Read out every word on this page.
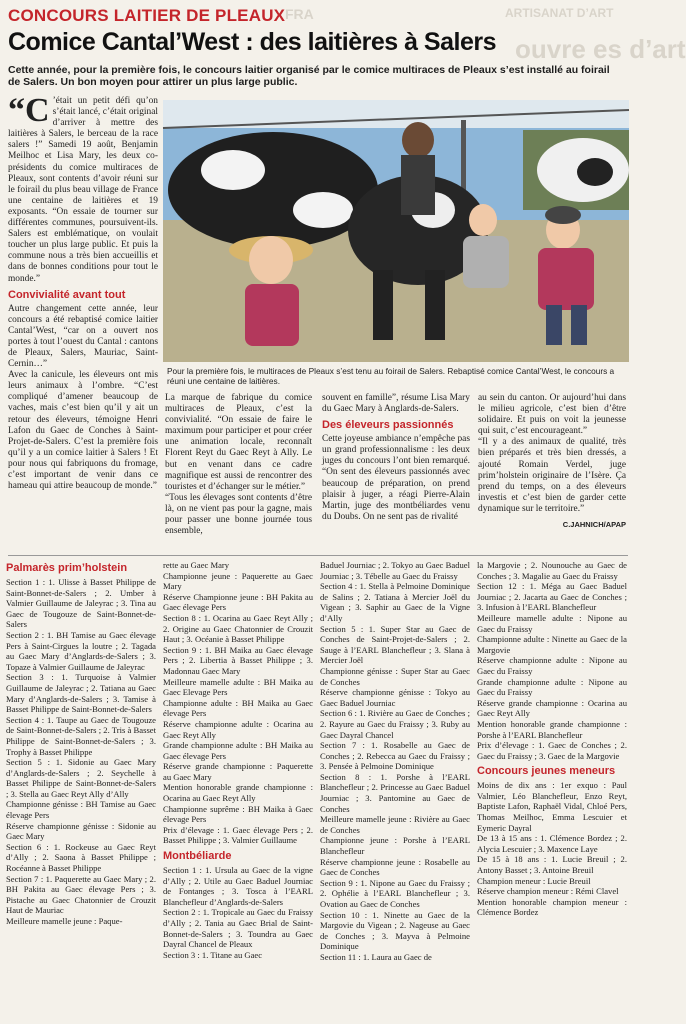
FRA	ARTISANAT D’ART
ouvre es d’art
CONCOURS LAITIER DE PLEAUX
Comice Cantal’West : des laitières à Salers

Cette année, pour la première fois, le concours laitier organisé par le comice multiraces de Pleaux s’est installé au foirail de Salers. Un bon moyen pour attirer un plus large public.

Pour la première fois, le multiraces de Pleaux s’est tenu au foirail de Salers. Rebaptisé comice Cantal’West, le concours a réuni une centaine de laitières.

“C ’était un petit défi qu’on s’était lancé, c’était original d’arriver à mettre des laitières à Salers, le berceau de la race salers !” Samedi 19 août, Benjamin Meilhoc et Lisa Mary, les deux co-présidents du comice multiraces de Pleaux, sont contents d’avoir réuni sur le foirail du plus beau village de France une centaine de laitières et 19 exposants. “On essaie de tourner sur différentes communes, poursuivent-ils. Salers est emblématique, on voulait toucher un plus large public. Et puis la commune nous a très bien accueillis et dans de bonnes conditions pour tout le monde.”

Convivialité avant tout

Autre changement cette année, leur concours a été rebaptisé comice laitier Cantal’West, “car on a ouvert nos portes à tout l’ouest du Cantal : cantons de Pleaux, Salers, Mauriac, Saint-Cernin…”

Avec la canicule, les éleveurs ont mis leurs animaux à l’ombre. “C’est compliqué d’amener beaucoup de vaches, mais c’est bien qu’il y ait un retour des éleveurs, témoigne Henri Lafon du Gaec de Conches à Saint-Projet-de-Salers. C’est la première fois qu’il y a un comice laitier à Salers ! Et pour nous qui fabriquons du fromage, c’est important de venir dans ce hameau qui attire beaucoup de monde.”

La marque de fabrique du comice multiraces de Pleaux, c’est la convivialité. “On essaie de faire le maximum pour participer et pour créer une animation locale, reconnaît Florent Reyt du Gaec Reyt à Ally. Le but en venant dans ce cadre magnifique est aussi de rencontrer des touristes et d’échanger sur le métier.”

“Tous les élevages sont contents d’être là, on ne vient pas pour la gagne, mais pour passer une bonne journée tous ensemble,

souvent en famille”, résume Lisa Mary du Gaec Mary à Anglards-de-Salers.

Des éleveurs passionnés

Cette joyeuse ambiance n’empêche pas un grand professionnalisme : les deux juges du concours l’ont bien remarqué. “On sent des éleveurs passionnés avec beaucoup de préparation, on prend plaisir à juger, a réagi Pierre-Alain Martin, juge des montbéliardes venu du Doubs. On ne sent pas de rivalité

au sein du canton. Or aujourd’hui dans le milieu agricole, c’est bien d’être solidaire. Et puis on voit la jeunesse qui suit, c’est encourageant.”

“Il y a des animaux de qualité, très bien préparés et très bien dressés, a ajouté Romain Verdel, juge prim’holstein originaire de l’Isère. Ça prend du temps, on a des éleveurs investis et c’est bien de garder cette dynamique sur le territoire.”

C.JAHNICH/APAP
Palmarès prim’holstein

Section 1 : 1. Ulisse à Basset Philippe de Saint-Bonnet-de-Salers ; 2. Umber à Valmier Guillaume de Jaleyrac ; 3. Tina au Gaec de Tougouze de Saint-Bonnet-de-Salers
Section 2 : 1. BH Tamise au Gaec élevage Pers à Saint-Cirgues la loutre ; 2. Tagada au Gaec Mary d’Anglards-de-Salers ; 3. Topaze à Valmier Guillaume de Jaleyrac
Section 3 : 1. Turquoise à Valmier Guillaume de Jaleyrac ; 2. Tatiana au Gaec Mary d’Anglards-de-Salers ; 3. Tamise à Basset Philippe de Saint-Bonnet-de-Salers
Section 4 : 1. Taupe au Gaec de Tougouze de Saint-Bonnet-de-Salers ; 2. Tris à Basset Philippe de Saint-Bonnet-de-Salers ; 3. Trophy à Basset Philippe
Section 5 : 1. Sidonie au Gaec Mary d’Anglards-de-Salers ; 2. Seychelle à Basset Philippe de Saint-Bonnet-de-Salers ; 3. Stella au Gaec Reyt Ally d’Ally
Championne génisse : BH Tamise au Gaec élevage Pers
Réserve championne génisse : Sidonie au Gaec Mary
Section 6 : 1. Rockeuse au Gaec Reyt d’Ally ; 2. Saona à Basset Philippe ; Rocéanne à Basset Philippe
Section 7 : 1. Paquerette au Gaec Mary ; 2. BH Pakita au Gaec élevage Pers ; 3. Pistache au Gaec Chatonnier de Crouzit Haut de Mauriac
Meilleure mamelle jeune : Paque-

rette au Gaec Mary
Championne jeune : Paquerette au Gaec Mary
Réserve Championne jeune : BH Pakita au Gaec élevage Pers
Section 8 : 1. Ocarina au Gaec Reyt Ally ; 2. Origine au Gaec Chatonnier de Crouzit Haut ; 3. Océanie à Basset Philippe
Section 9 : 1. BH Maika au Gaec élevage Pers ; 2. Libertia à Basset Philippe ; 3. Madonnau Gaec Mary
Meilleure mamelle adulte : BH Maika au Gaec Elevage Pers
Championne adulte : BH Maika au Gaec élevage Pers
Réserve championne adulte : Ocarina au Gaec Reyt Ally
Grande championne adulte : BH Maika au Gaec élevage Pers
Réserve grande championne : Paquerette au Gaec Mary
Mention honorable grande championne : Ocarina au Gaec Reyt Ally
Championne suprême : BH Maika à Gaec élevage Pers
Prix d’élevage : 1. Gaec élevage Pers ; 2. Basset Philippe ; 3. Valmier Guillaume

Montbéliarde

Section 1 : 1. Ursula au Gaec de la vigne d’Ally ; 2. Utile au Gaec Baduel Journiac de Fontanges ; 3. Tosca à l’EARL Blanchefleur d’Anglards-de-Salers
Section 2 : 1. Tropicale au Gaec du Fraissy d’Ally ; 2. Tania au Gaec Brial de Saint-Bonnet-de-Salers ; 3. Toundra au Gaec Dayral Chancel de Pleaux
Section 3 : 1. Titane au Gaec

Baduel Journiac ; 2. Tokyo au Gaec Baduel Journiac ; 3. Tébelle au Gaec du Fraissy
Section 4 : 1. Stella à Pelmoine Dominique de Salins ; 2. Tatiana à Mercier Joël du Vigean ; 3. Saphir au Gaec de la Vigne d’Ally
Section 5 : 1. Super Star au Gaec de Conches de Saint-Projet-de-Salers ; 2. Sauge à l’EARL Blanchefleur ; 3. Slana à Mercier Joël
Championne génisse : Super Star au Gaec de Conches
Réserve championne génisse : Tokyo au Gaec Baduel Journiac
Section 6 : 1. Rivière au Gaec de Conches ; 2. Rayure au Gaec du Fraissy ; 3. Ruby au Gaec Dayral Chancel
Section 7 : 1. Rosabelle au Gaec de Conches ; 2. Rebecca au Gaec du Fraissy ; 3. Pensée à Pelmoine Dominique
Section 8 : 1. Porshe à l’EARL Blanchefleur ; 2. Princesse au Gaec Baduel Journiac ; 3. Pantomine au Gaec de Conches
Meilleure mamelle jeune : Rivière au Gaec de Conches
Championne jeune : Porshe à l’EARL Blanchefleur
Réserve championne jeune : Rosabelle au Gaec de Conches
Section 9 : 1. Nipone au Gaec du Fraissy ; 2. Ophélie à l’EARL Blanchefleur ; 3. Ovation au Gaec de Conches
Section 10 : 1. Ninette au Gaec de la Margovie du Vigean ; 2. Nageuse au Gaec de Conches ; 3. Mayva à Pelmoine Dominique
Section 11 : 1. Laura au Gaec de

la Margovie ; 2. Nounouche au Gaec de Conches ; 3. Magalie au Gaec du Fraissy
Section 12 : 1. Méga au Gaec Baduel Journiac ; 2. Jacarta au Gaec de Conches ; 3. Infusion à l’EARL Blanchefleur
Meilleure mamelle adulte : Nipone au Gaec du Fraissy
Championne adulte : Ninette au Gaec de la Margovie
Réserve championne adulte : Nipone au Gaec du Fraissy
Grande championne adulte : Nipone au Gaec du Fraissy
Réserve grande championne : Ocarina au Gaec Reyt Ally
Mention honorable grande championne : Porshe à l’EARL Blanchefleur
Prix d’élevage : 1. Gaec de Conches ; 2. Gaec du Fraissy ; 3. Gaec de la Margovie

Concours jeunes meneurs

Moins de dix ans : 1er exquo : Paul Valmier, Léo Blanchefleur, Enzo Reyt, Baptiste Lafon, Raphaël Vidal, Chloé Pers, Thomas Meilhoc, Emma Lescuier et Eymeric Dayral
De 13 à 15 ans : 1. Clémence Bordez ; 2. Alycia Lescuier ; 3. Maxence Laye
De 15 à 18 ans : 1. Lucie Breuil ; 2. Antony Basset ; 3. Antoine Breuil
Champion meneur : Lucie Breuil
Réserve champion meneur : Rémi Clavel
Mention honorable champion meneur : Clémence Bordez
